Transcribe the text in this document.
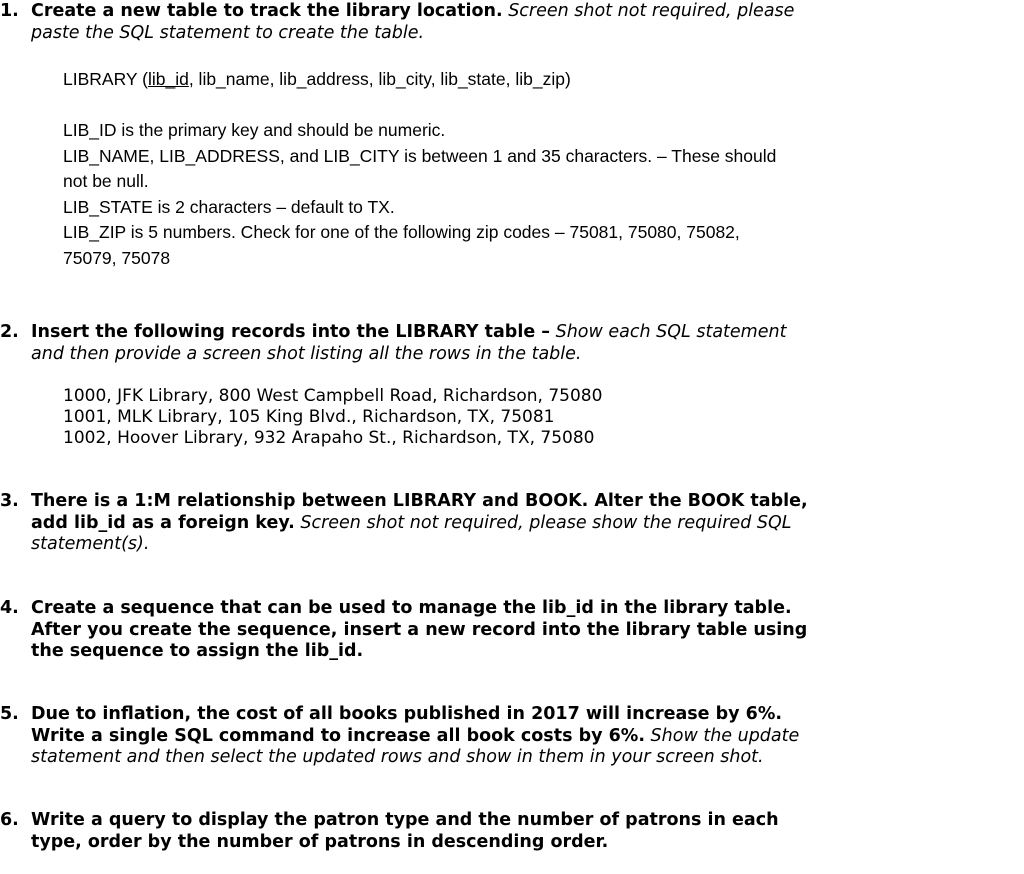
1. Create a new table to track the library location. Screen shot not required, please
paste the SQL statement to create the table.
LIBRARY (lib_id, lib_name, lib_address, lib_city, lib_state, lib_zip)
LIB_ID is the primary key and should be numeric.
LIB_NAME, LIB_ADDRESS, and LIB_CITY is between 1 and 35 characters. – These should
not be null.
LIB_STATE is 2 characters – default to TX.
LIB_ZIP is 5 numbers. Check for one of the following zip codes – 75081, 75080, 75082,
75079, 75078
2. Insert the following records into the LIBRARY table – Show each SQL statement
and then provide a screen shot listing all the rows in the table.
1000, JFK Library, 800 West Campbell Road, Richardson, 75080
1001, MLK Library, 105 King Blvd., Richardson, TX, 75081
1002, Hoover Library, 932 Arapaho St., Richardson, TX, 75080
3. There is a 1:M relationship between LIBRARY and BOOK. Alter the BOOK table,
add lib_id as a foreign key. Screen shot not required, please show the required SQL
statement(s).
4. Create a sequence that can be used to manage the lib_id in the library table.
After you create the sequence, insert a new record into the library table using
the sequence to assign the lib_id.
5. Due to inflation, the cost of all books published in 2017 will increase by 6%.
Write a single SQL command to increase all book costs by 6%. Show the update
statement and then select the updated rows and show in them in your screen shot.
6. Write a query to display the patron type and the number of patrons in each
type, order by the number of patrons in descending order.
